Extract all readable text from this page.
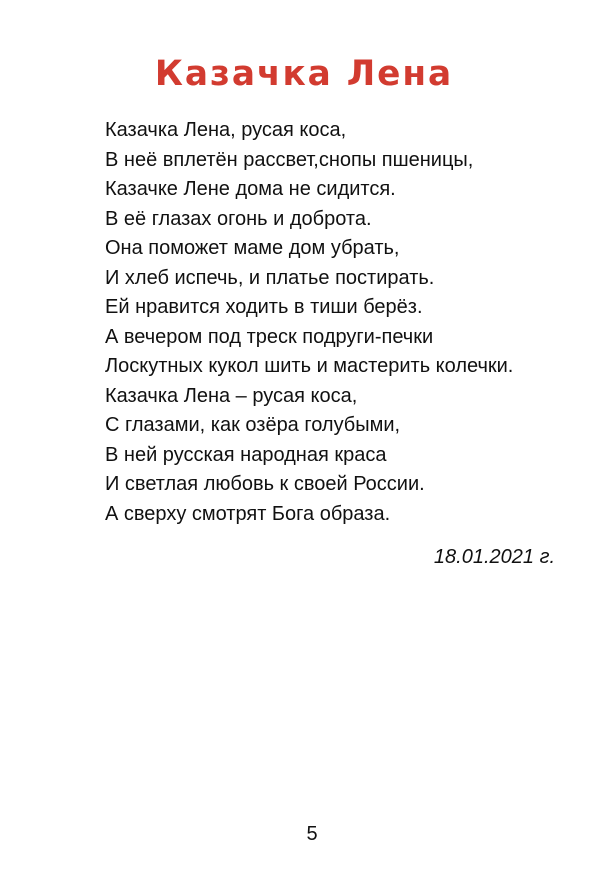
Казачка Лена
Казачка Лена, русая коса,
В неё вплетён рассвет,снопы пшеницы,
Казачке Лене дома не сидится.
В её глазах огонь и доброта.
Она поможет маме дом убрать,
И хлеб испечь, и платье постирать.
Ей нравится ходить в тиши берёз.
А вечером под треск подруги-печки
Лоскутных кукол шить и мастерить колечки.
Казачка Лена – русая коса,
С глазами, как озёра голубыми,
В ней русская народная краса
И светлая любовь к своей России.
А сверху смотрят Бога образа.
18.01.2021 г.
5
